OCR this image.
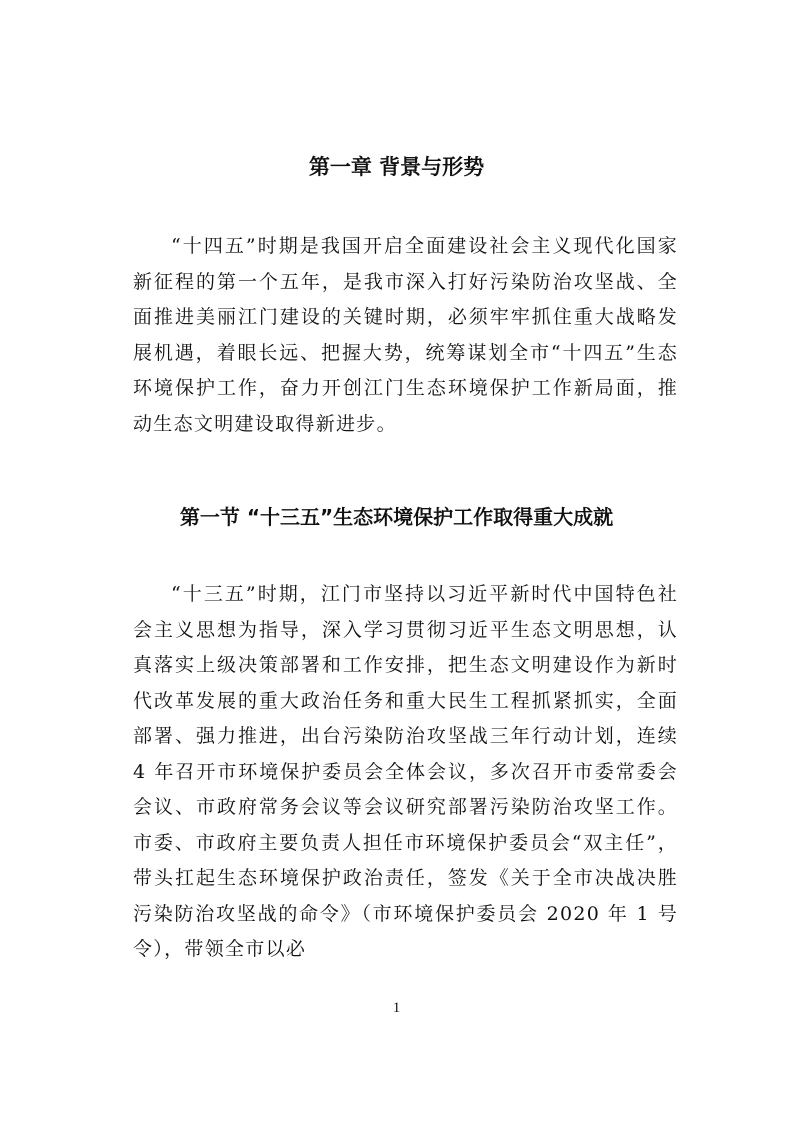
第一章 背景与形势

“十四五”时期是我国开启全面建设社会主义现代化国家新征程的第一个五年，是我市深入打好污染防治攻坚战、全面推进美丽江门建设的关键时期，必须牢牢抓住重大战略发展机遇，着眼长远、把握大势，统筹谋划全市“十四五”生态环境保护工作，奋力开创江门生态环境保护工作新局面，推动生态文明建设取得新进步。

第一节 “十三五”生态环境保护工作取得重大成就

“十三五”时期，江门市坚持以习近平新时代中国特色社会主义思想为指导，深入学习贯彻习近平生态文明思想，认真落实上级决策部署和工作安排，把生态文明建设作为新时代改革发展的重大政治任务和重大民生工程抓紧抓实，全面部署、强力推进，出台污染防治攻坚战三年行动计划，连续 4 年召开市环境保护委员会全体会议，多次召开市委常委会会议、市政府常务会议等会议研究部署污染防治攻坚工作。市委、市政府主要负责人担任市环境保护委员会“双主任”，带头扛起生态环境保护政治责任，签发《关于全市决战决胜污染防治攻坚战的命令》（市环境保护委员会 2020 年 1 号令），带领全市以必

1
